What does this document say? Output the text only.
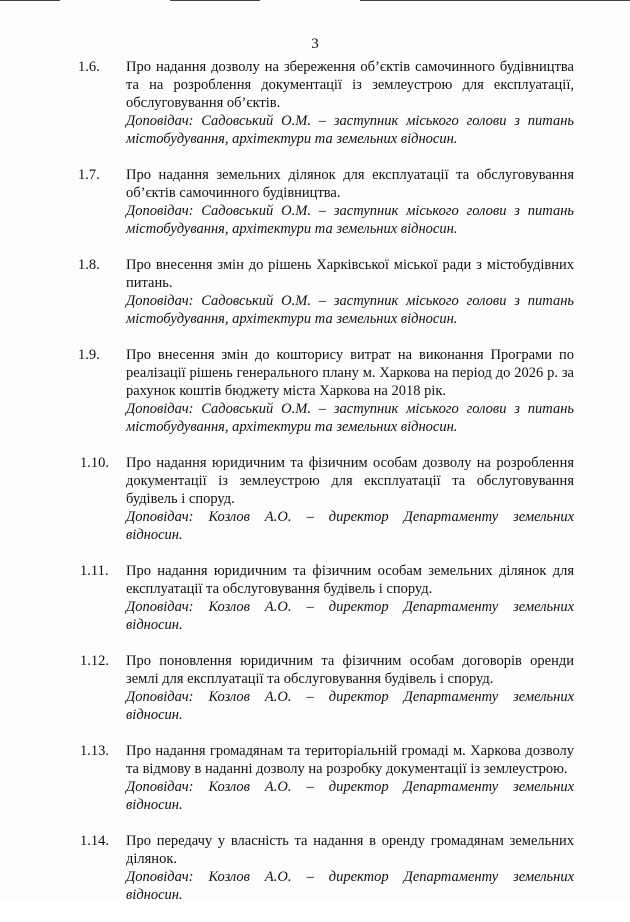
3
1.6.	Про надання дозволу на збереження об’єктів самочинного будівництва та на розроблення документації із землеустрою для експлуатації, обслуговування об’єктів.
Доповідач: Садовський О.М. – заступник міського голови з питань
містобудування, архітектури та земельних відносин.
1.7.	Про надання земельних ділянок для експлуатації та обслуговування об’єктів самочинного будівництва.
Доповідач: Садовський О.М. – заступник міського голови з питань
містобудування, архітектури та земельних відносин.
1.8.	Про внесення змін до рішень Харківської міської ради з містобудівних питань.
Доповідач: Садовський О.М. – заступник міського голови з питань
містобудування, архітектури та земельних відносин.
1.9.	Про внесення змін до кошторису витрат на виконання Програми по реалізації рішень генерального плану м. Харкова на період до 2026 р. за рахунок коштів бюджету міста Харкова на 2018 рік.
Доповідач: Садовський О.М. – заступник міського голови з питань
містобудування, архітектури та земельних відносин.
1.10.	Про надання юридичним та фізичним особам дозволу на розроблення документації із землеустрою для експлуатації та обслуговування будівель і споруд.
Доповідач: Козлов А.О. – директор Департаменту земельних
відносин.
1.11.	Про надання юридичним та фізичним особам земельних ділянок для експлуатації та обслуговування будівель і споруд.
Доповідач: Козлов А.О. – директор Департаменту земельних
відносин.
1.12.	Про поновлення юридичним та фізичним особам договорів оренди землі для експлуатації та обслуговування будівель і споруд.
Доповідач: Козлов А.О. – директор Департаменту земельних
відносин.
1.13.	Про надання громадянам та територіальній громаді м. Харкова дозволу та відмову в наданні дозволу на розробку документації із землеустрою.
Доповідач: Козлов А.О. – директор Департаменту земельних
відносин.
1.14.	Про передачу у власність та надання в оренду громадянам земельних ділянок.
Доповідач: Козлов А.О. – директор Департаменту земельних
відносин.
